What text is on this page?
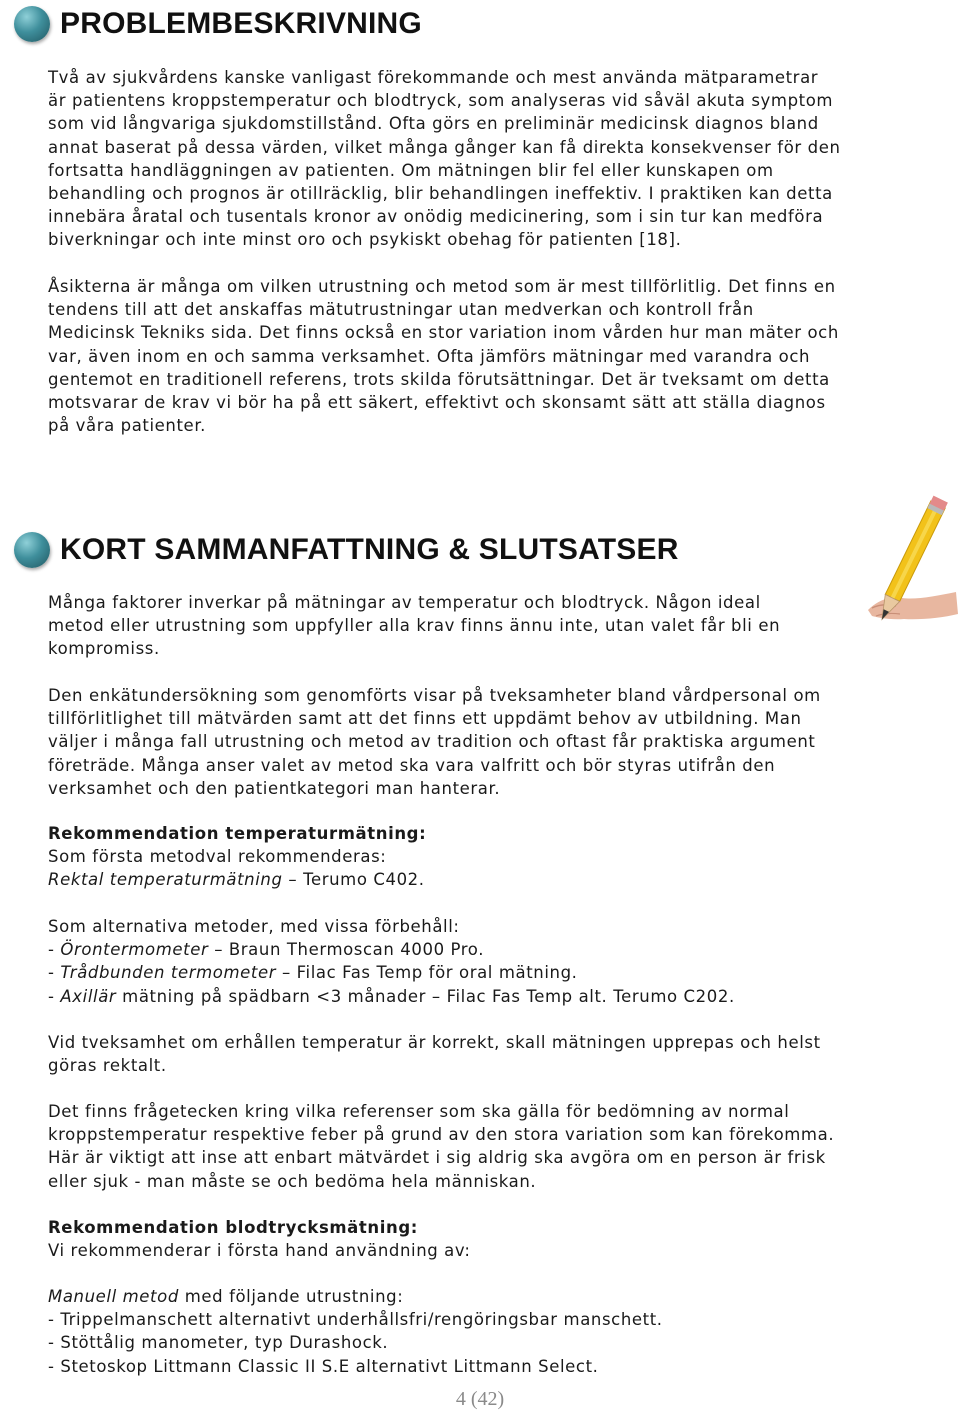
PROBLEMBESKRIVNING

Två av sjukvårdens kanske vanligast förekommande och mest använda mätparametrar

är patientens kroppstemperatur och blodtryck, som analyseras vid såväl akuta symptom

som vid långvariga sjukdomstillstånd. Ofta görs en preliminär medicinsk diagnos bland

annat baserat på dessa värden, vilket många gånger kan få direkta konsekvenser för den

fortsatta handläggningen av patienten. Om mätningen blir fel eller kunskapen om

behandling och prognos är otillräcklig, blir behandlingen ineffektiv. I praktiken kan detta

innebära åratal och tusentals kronor av onödig medicinering, som i sin tur kan medföra

biverkningar och inte minst oro och psykiskt obehag för patienten [18].

Åsikterna är många om vilken utrustning och metod som är mest tillförlitlig. Det finns en

tendens till att det anskaffas mätutrustningar utan medverkan och kontroll från

Medicinsk Tekniks sida. Det finns också en stor variation inom vården hur man mäter och

var, även inom en och samma verksamhet. Ofta jämförs mätningar med varandra och

gentemot en traditionell referens, trots skilda förutsättningar. Det är tveksamt om detta

motsvarar de krav vi bör ha på ett säkert, effektivt och skonsamt sätt att ställa diagnos

på våra patienter.

KORT SAMMANFATTNING & SLUTSATSER

Många faktorer inverkar på mätningar av temperatur och blodtryck. Någon ideal

metod eller utrustning som uppfyller alla krav finns ännu inte, utan valet får bli en

kompromiss.

Den enkätundersökning som genomförts visar på tveksamheter bland vårdpersonal om

tillförlitlighet till mätvärden samt att det finns ett uppdämt behov av utbildning. Man

väljer i många fall utrustning och metod av tradition och oftast får praktiska argument

företräde. Många anser valet av metod ska vara valfritt och bör styras utifrån den

verksamhet och den patientkategori man hanterar.

Rekommendation temperaturmätning:

Som första metodval rekommenderas:

Rektal temperaturmätning – Terumo C402.

Som alternativa metoder, med vissa förbehåll:

- Örontermometer – Braun Thermoscan 4000 Pro.

- Trådbunden termometer – Filac Fas Temp för oral mätning.

- Axillär mätning på spädbarn <3 månader – Filac Fas Temp alt. Terumo C202.

Vid tveksamhet om erhållen temperatur är korrekt, skall mätningen upprepas och helst

göras rektalt.

Det finns frågetecken kring vilka referenser som ska gälla för bedömning av normal

kroppstemperatur respektive feber på grund av den stora variation som kan förekomma.

Här är viktigt att inse att enbart mätvärdet i sig aldrig ska avgöra om en person är frisk

eller sjuk - man måste se och bedöma hela människan.

Rekommendation blodtrycksmätning:

Vi rekommenderar i första hand användning av:

Manuell metod med följande utrustning:

- Trippelmanschett alternativt underhållsfri/rengöringsbar manschett.

- Stöttålig manometer, typ Durashock.

- Stetoskop Littmann Classic II S.E alternativt Littmann Select.

4 (42)
